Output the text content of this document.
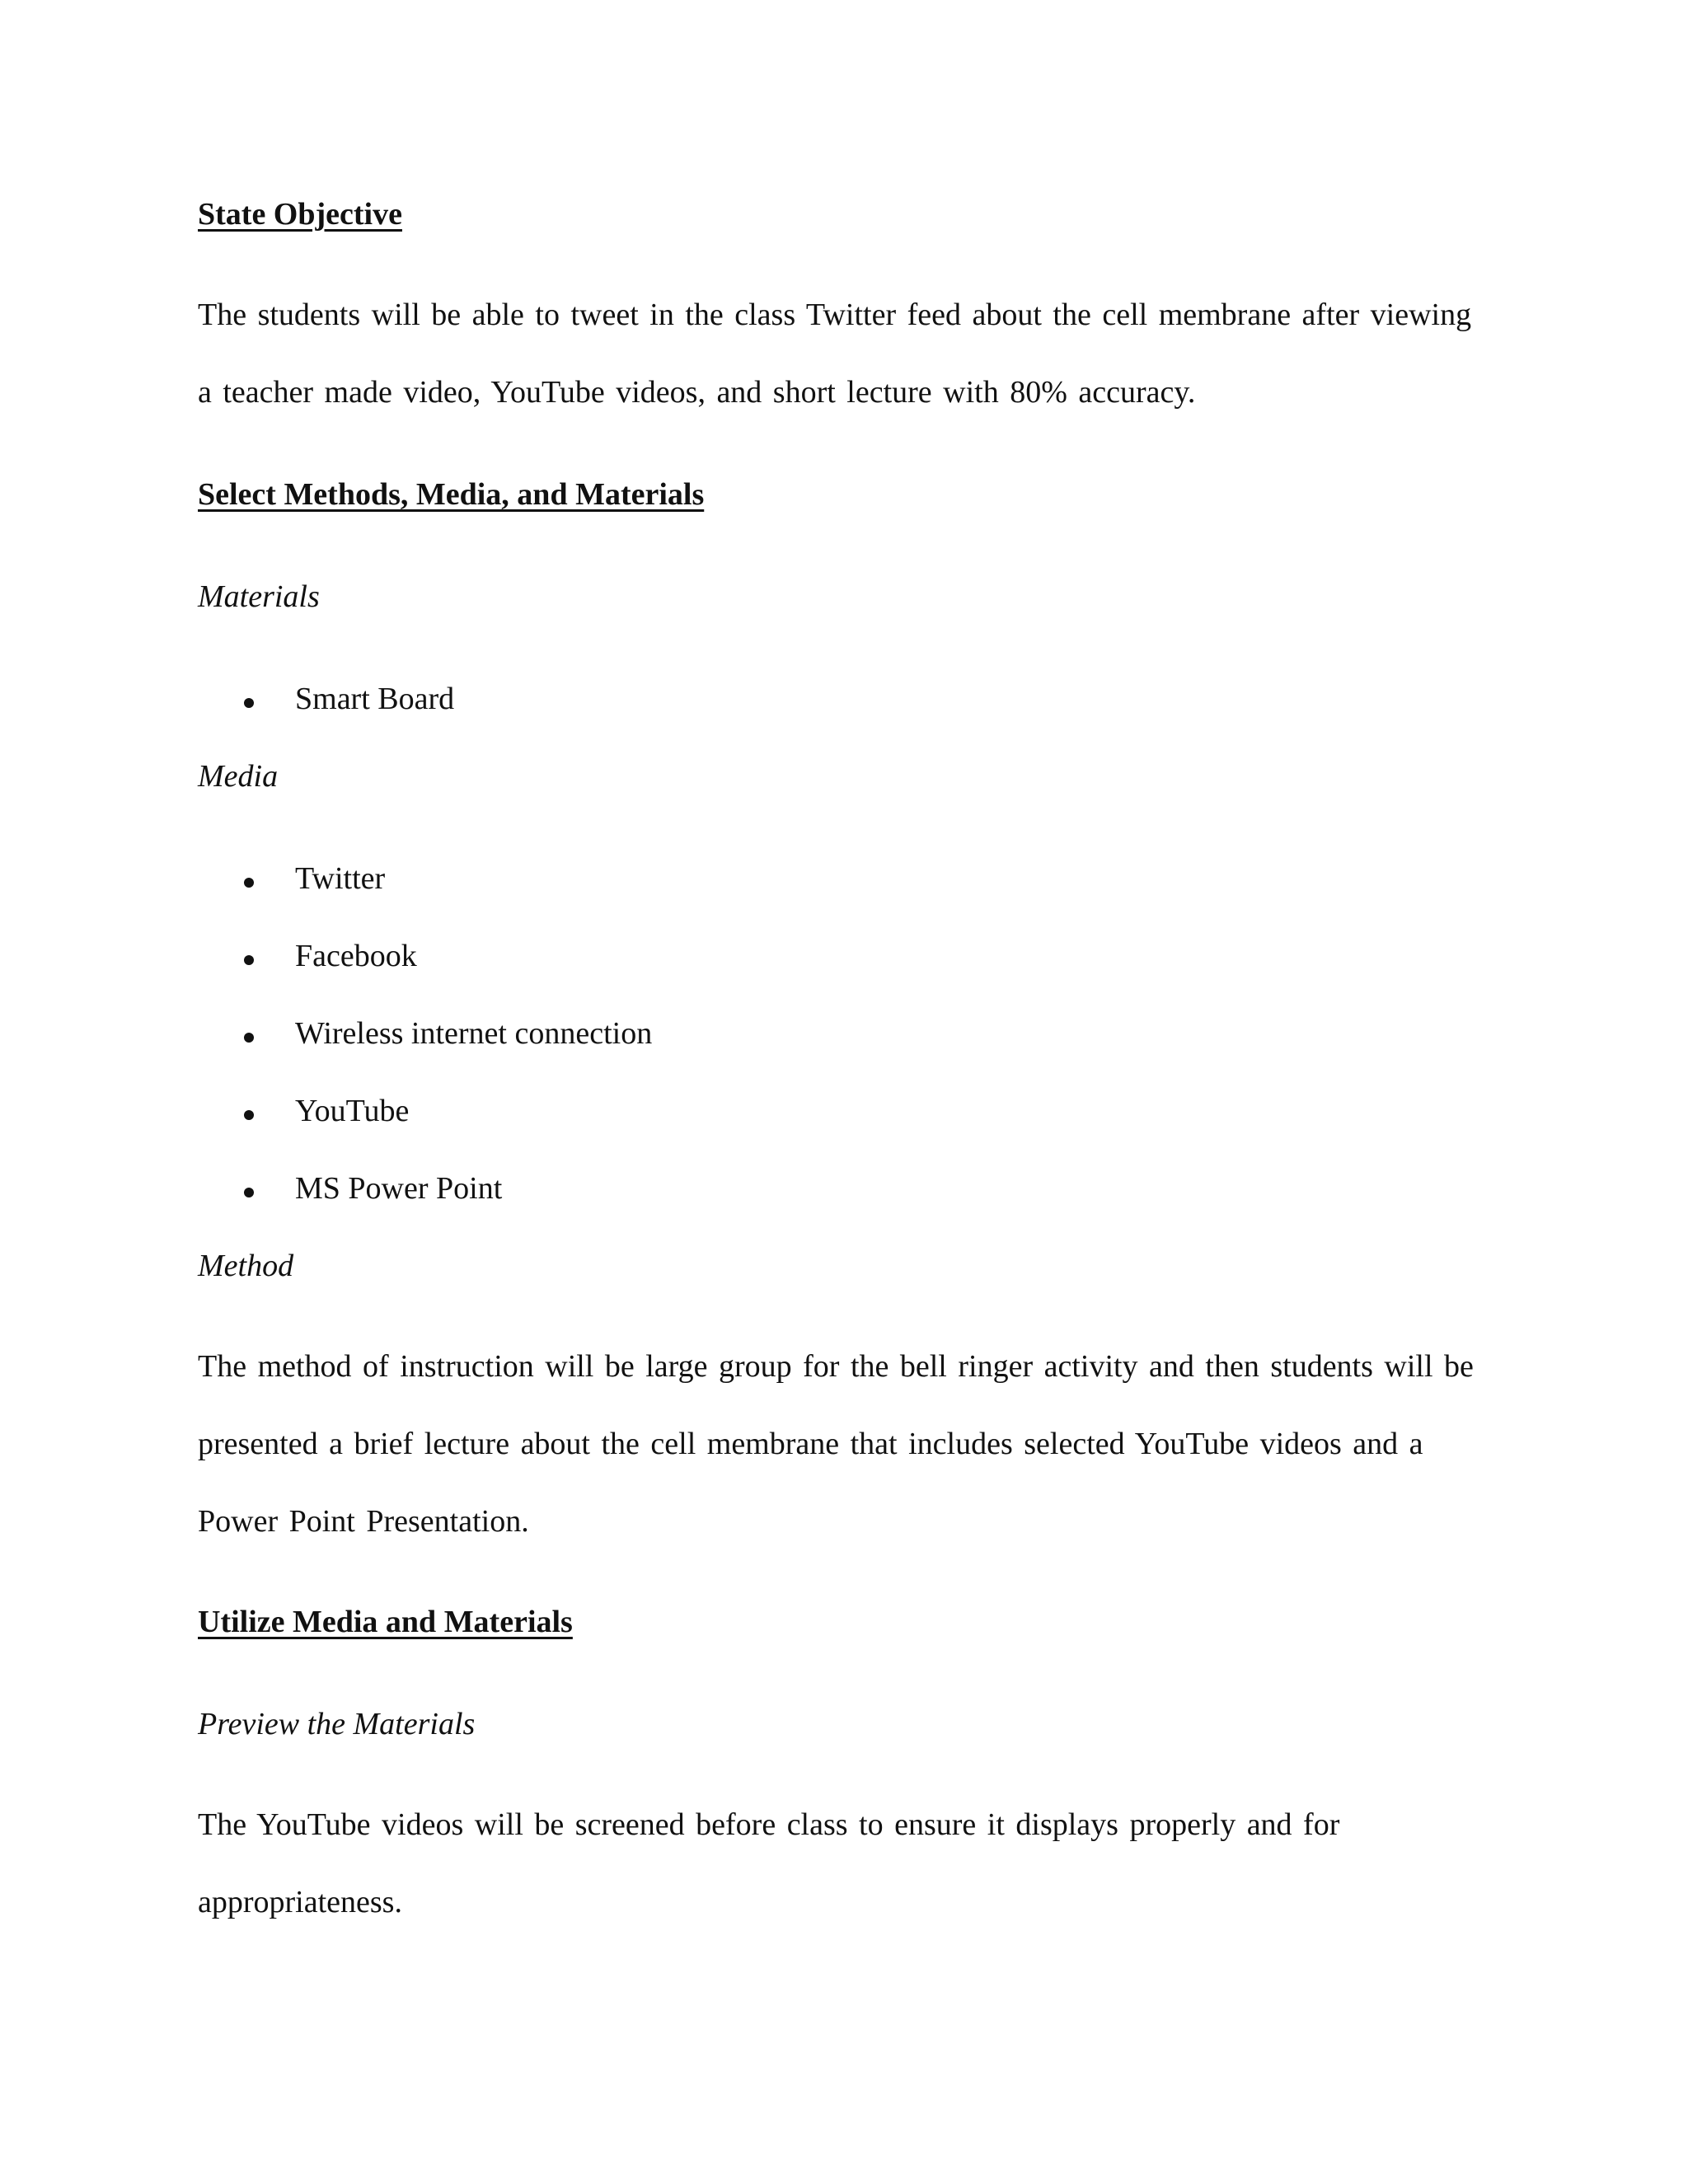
State Objective
The students will be able to tweet in the class Twitter feed about the cell membrane after viewing
a teacher made video, YouTube videos, and short lecture with 80% accuracy.
Select Methods, Media, and Materials
Materials
Smart Board
Media
Twitter
Facebook
Wireless internet connection
YouTube
MS Power Point
Method
The method of instruction will be large group for the bell ringer activity and then students will be
presented a brief lecture about the cell membrane that includes selected YouTube videos and a
Power Point Presentation.
Utilize Media and Materials
Preview the Materials
The YouTube videos will be screened before class to ensure it displays properly and for
appropriateness.
